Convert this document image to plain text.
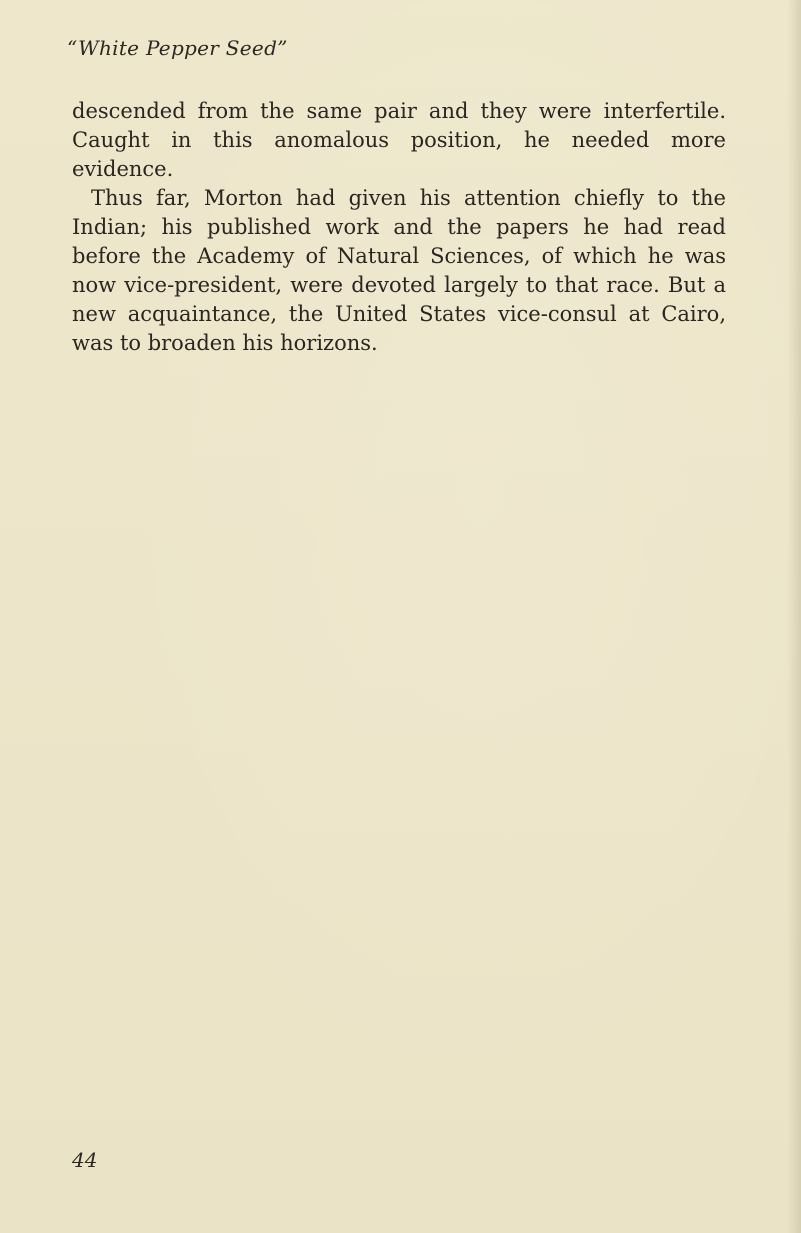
“White Pepper Seed”

descended from the same pair and they were interfertile. Caught in this anomalous position, he needed more evidence.

Thus far, Morton had given his attention chiefly to the Indian; his published work and the papers he had read before the Academy of Natural Sciences, of which he was now vice-president, were devoted largely to that race. But a new acquaintance, the United States vice-consul at Cairo, was to broaden his horizons.

44
